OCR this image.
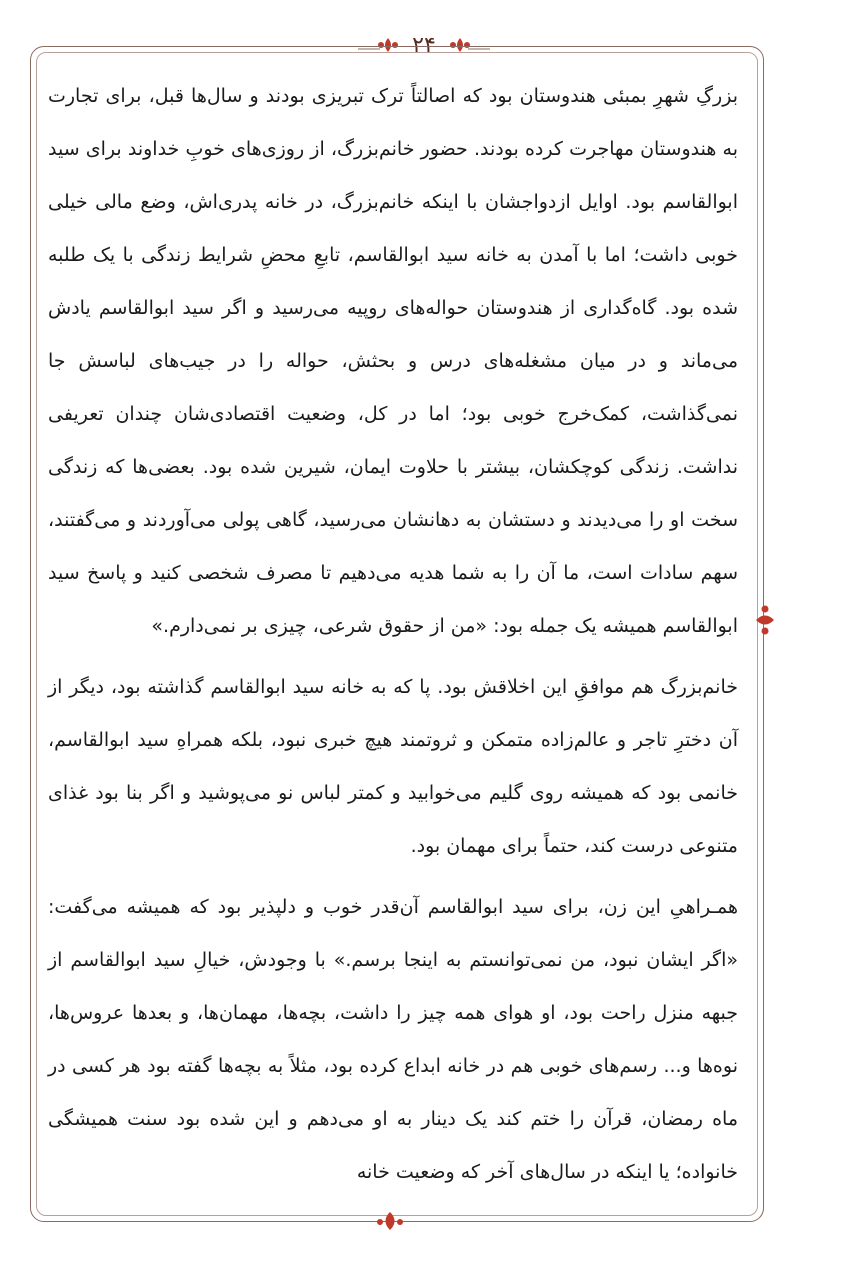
۲۴

بزرگِ شهرِ بمبئی هندوستان بود که اصالتاً ترک تبریزی بودند و سال‌ها قبل، برای تجارت به هندوستان مهاجرت کرده بودند. حضور خانم‌بزرگ، از روزی‌های خوبِ خداوند برای سید ابوالقاسم بود. اوایل ازدواجشان با اینکه خانم‌بزرگ، در خانه پدری‌اش، وضع مالی خیلی خوبی داشت؛ اما با آمدن به خانه سید ابوالقاسم، تابعِ محضِ شرایط زندگی با یک طلبه شده بود. گاه‌گداری از هندوستان حواله‌های روپیه می‌رسید و اگر سید ابوالقاسم یادش می‌ماند و در میان مشغله‌های درس و بحثش، حواله را در جیب‌های لباسش جا نمی‌گذاشت، کمک‌خرج خوبی بود؛ اما در کل، وضعیت اقتصادی‌شان چندان تعریفی نداشت. زندگی کوچکشان، بیشتر با حلاوت ایمان، شیرین شده بود. بعضی‌ها که زندگی سخت او را می‌دیدند و دستشان به دهانشان می‌رسید، گاهی پولی می‌آوردند و می‌گفتند، سهم سادات است، ما آن را به شما هدیه می‌دهیم تا مصرف شخصی کنید و پاسخ سید ابوالقاسم همیشه یک جمله بود: «من از حقوق شرعی، چیزی بر نمی‌دارم.»

خانم‌بزرگ هم موافقِ این اخلاقش بود. پا که به خانه سید ابوالقاسم گذاشته بود، دیگر از آن دخترِ تاجر و عالم‌زاده متمکن و ثروتمند هیچ خبری نبود، بلکه همراهِ سید ابوالقاسم، خانمی بود که همیشه روی گلیم می‌خوابید و کمتر لباس نو می‌پوشید و اگر بنا بود غذای متنوعی درست کند، حتماً برای مهمان بود.

همـراهیِ این زن، برای سید ابوالقاسم آن‌قدر خوب و دلپذیر بود که همیشه می‌گفت: «اگر ایشان نبود، من نمی‌توانستم به اینجا برسم.» با وجودش، خیالِ سید ابوالقاسم از جبهه منزل راحت بود، او هوای همه چیز را داشت، بچه‌ها، مهمان‌ها، و بعدها عروس‌ها، نوه‌ها و... رسم‌های خوبی هم در خانه ابداع کرده بود، مثلاً به بچه‌ها گفته بود هر کسی در ماه رمضان، قرآن را ختم کند یک دینار به او می‌دهم و این شده بود سنت همیشگی خانواده؛ یا اینکه در سال‌های آخر که وضعیت خانه
